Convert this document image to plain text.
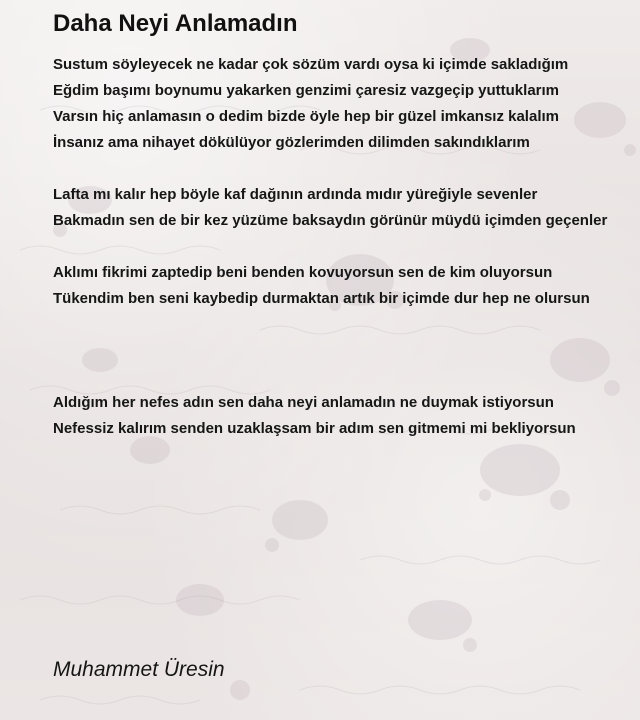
Daha Neyi Anlamadın

Sustum söyleyecek ne kadar çok sözüm vardı oysa ki içimde sakladığım
Eğdim başımı boynumu yakarken genzimi çaresiz vazgeçip yuttuklarım
Varsın hiç anlamasın o dedim bizde öyle hep bir güzel imkansız kalalım
İnsanız ama nihayet dökülüyor gözlerimden dilimden sakındıklarım

Lafta mı kalır hep böyle kaf dağının ardında mıdır yüreğiyle sevenler
Bakmadın sen de bir kez yüzüme baksaydın görünür müydü içimden geçenler

Aklımı fikrimi zaptedip beni benden kovuyorsun sen de kim oluyorsun
Tükendim ben seni kaybedip durmaktan artık bir içimde dur hep ne olursun

Aldığım her nefes adın sen daha neyi anlamadın ne duymak istiyorsun
Nefessiz kalırım senden uzaklaşsam bir adım sen gitmemi mi bekliyorsun

Muhammet Üresin
